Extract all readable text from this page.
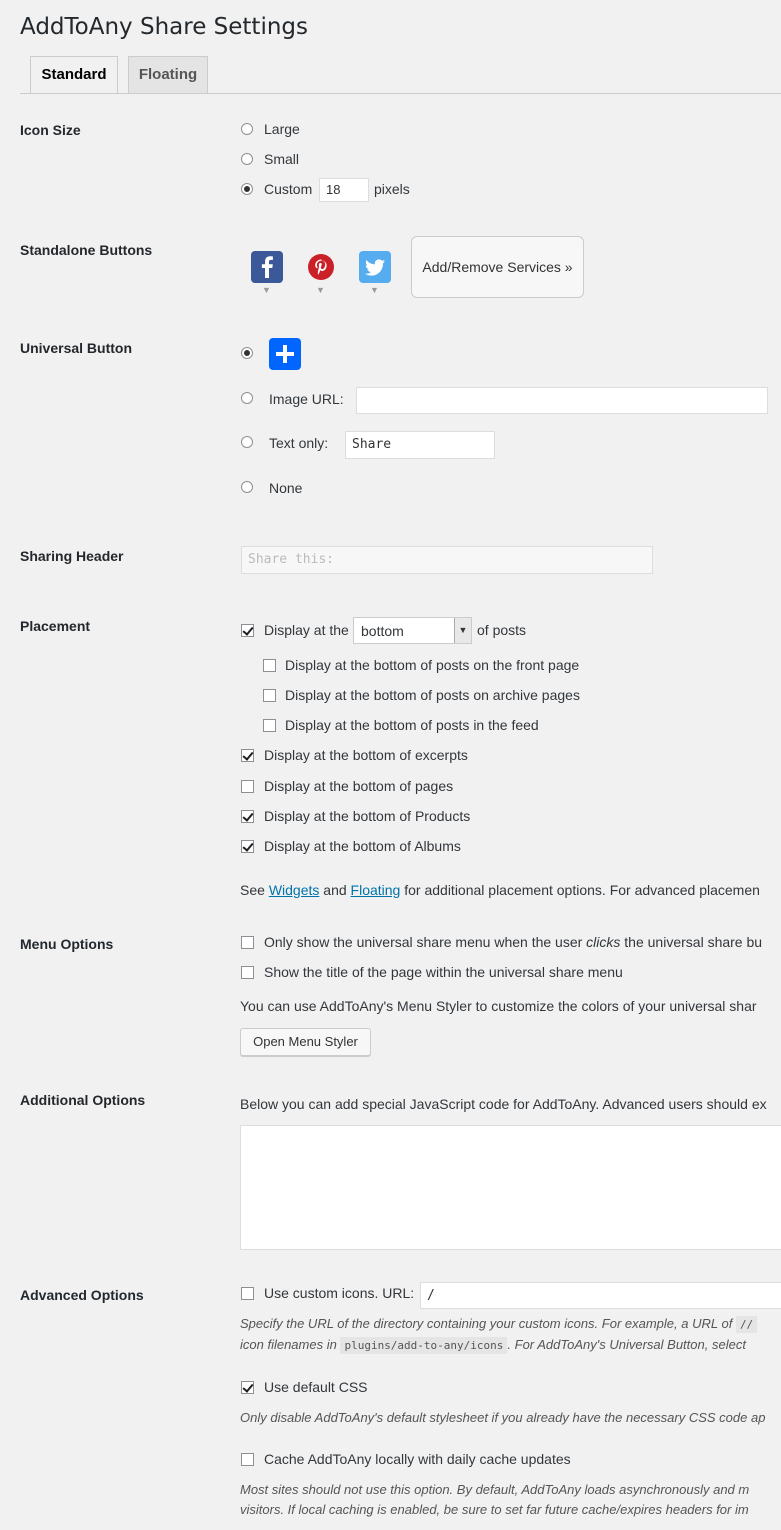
AddToAny Share Settings
Standard	Floating
Icon Size	Large
Small
Custom	18	pixels
Standalone Buttons
▼	▼	▼
Add/Remove Services »
Universal Button
Image URL:
Text only:	Share
None
Sharing Header	Share this:
Placement	Display at the bottom	▼ of posts
Display at the bottom of posts on the front page
Display at the bottom of posts on archive pages
Display at the bottom of posts in the feed
Display at the bottom of excerpts
Display at the bottom of pages
Display at the bottom of Products
Display at the bottom of Albums
See Widgets and Floating for additional placement options. For advanced placemen
Menu Options	Only show the universal share menu when the user clicks the universal share bu
Show the title of the page within the universal share menu
You can use AddToAny's Menu Styler to customize the colors of your universal shar
Open Menu Styler
Additional Options	Below you can add special JavaScript code for AddToAny. Advanced users should ex
Advanced Options	Use custom icons. URL: /
Specify the URL of the directory containing your custom icons. For example, a URL of //
icon filenames in plugins/add-to-any/icons . For AddToAny's Universal Button, select
Use default CSS
Only disable AddToAny's default stylesheet if you already have the necessary CSS code ap
Cache AddToAny locally with daily cache updates
Most sites should not use this option. By default, AddToAny loads asynchronously and m
visitors. If local caching is enabled, be sure to set far future cache/expires headers for im
